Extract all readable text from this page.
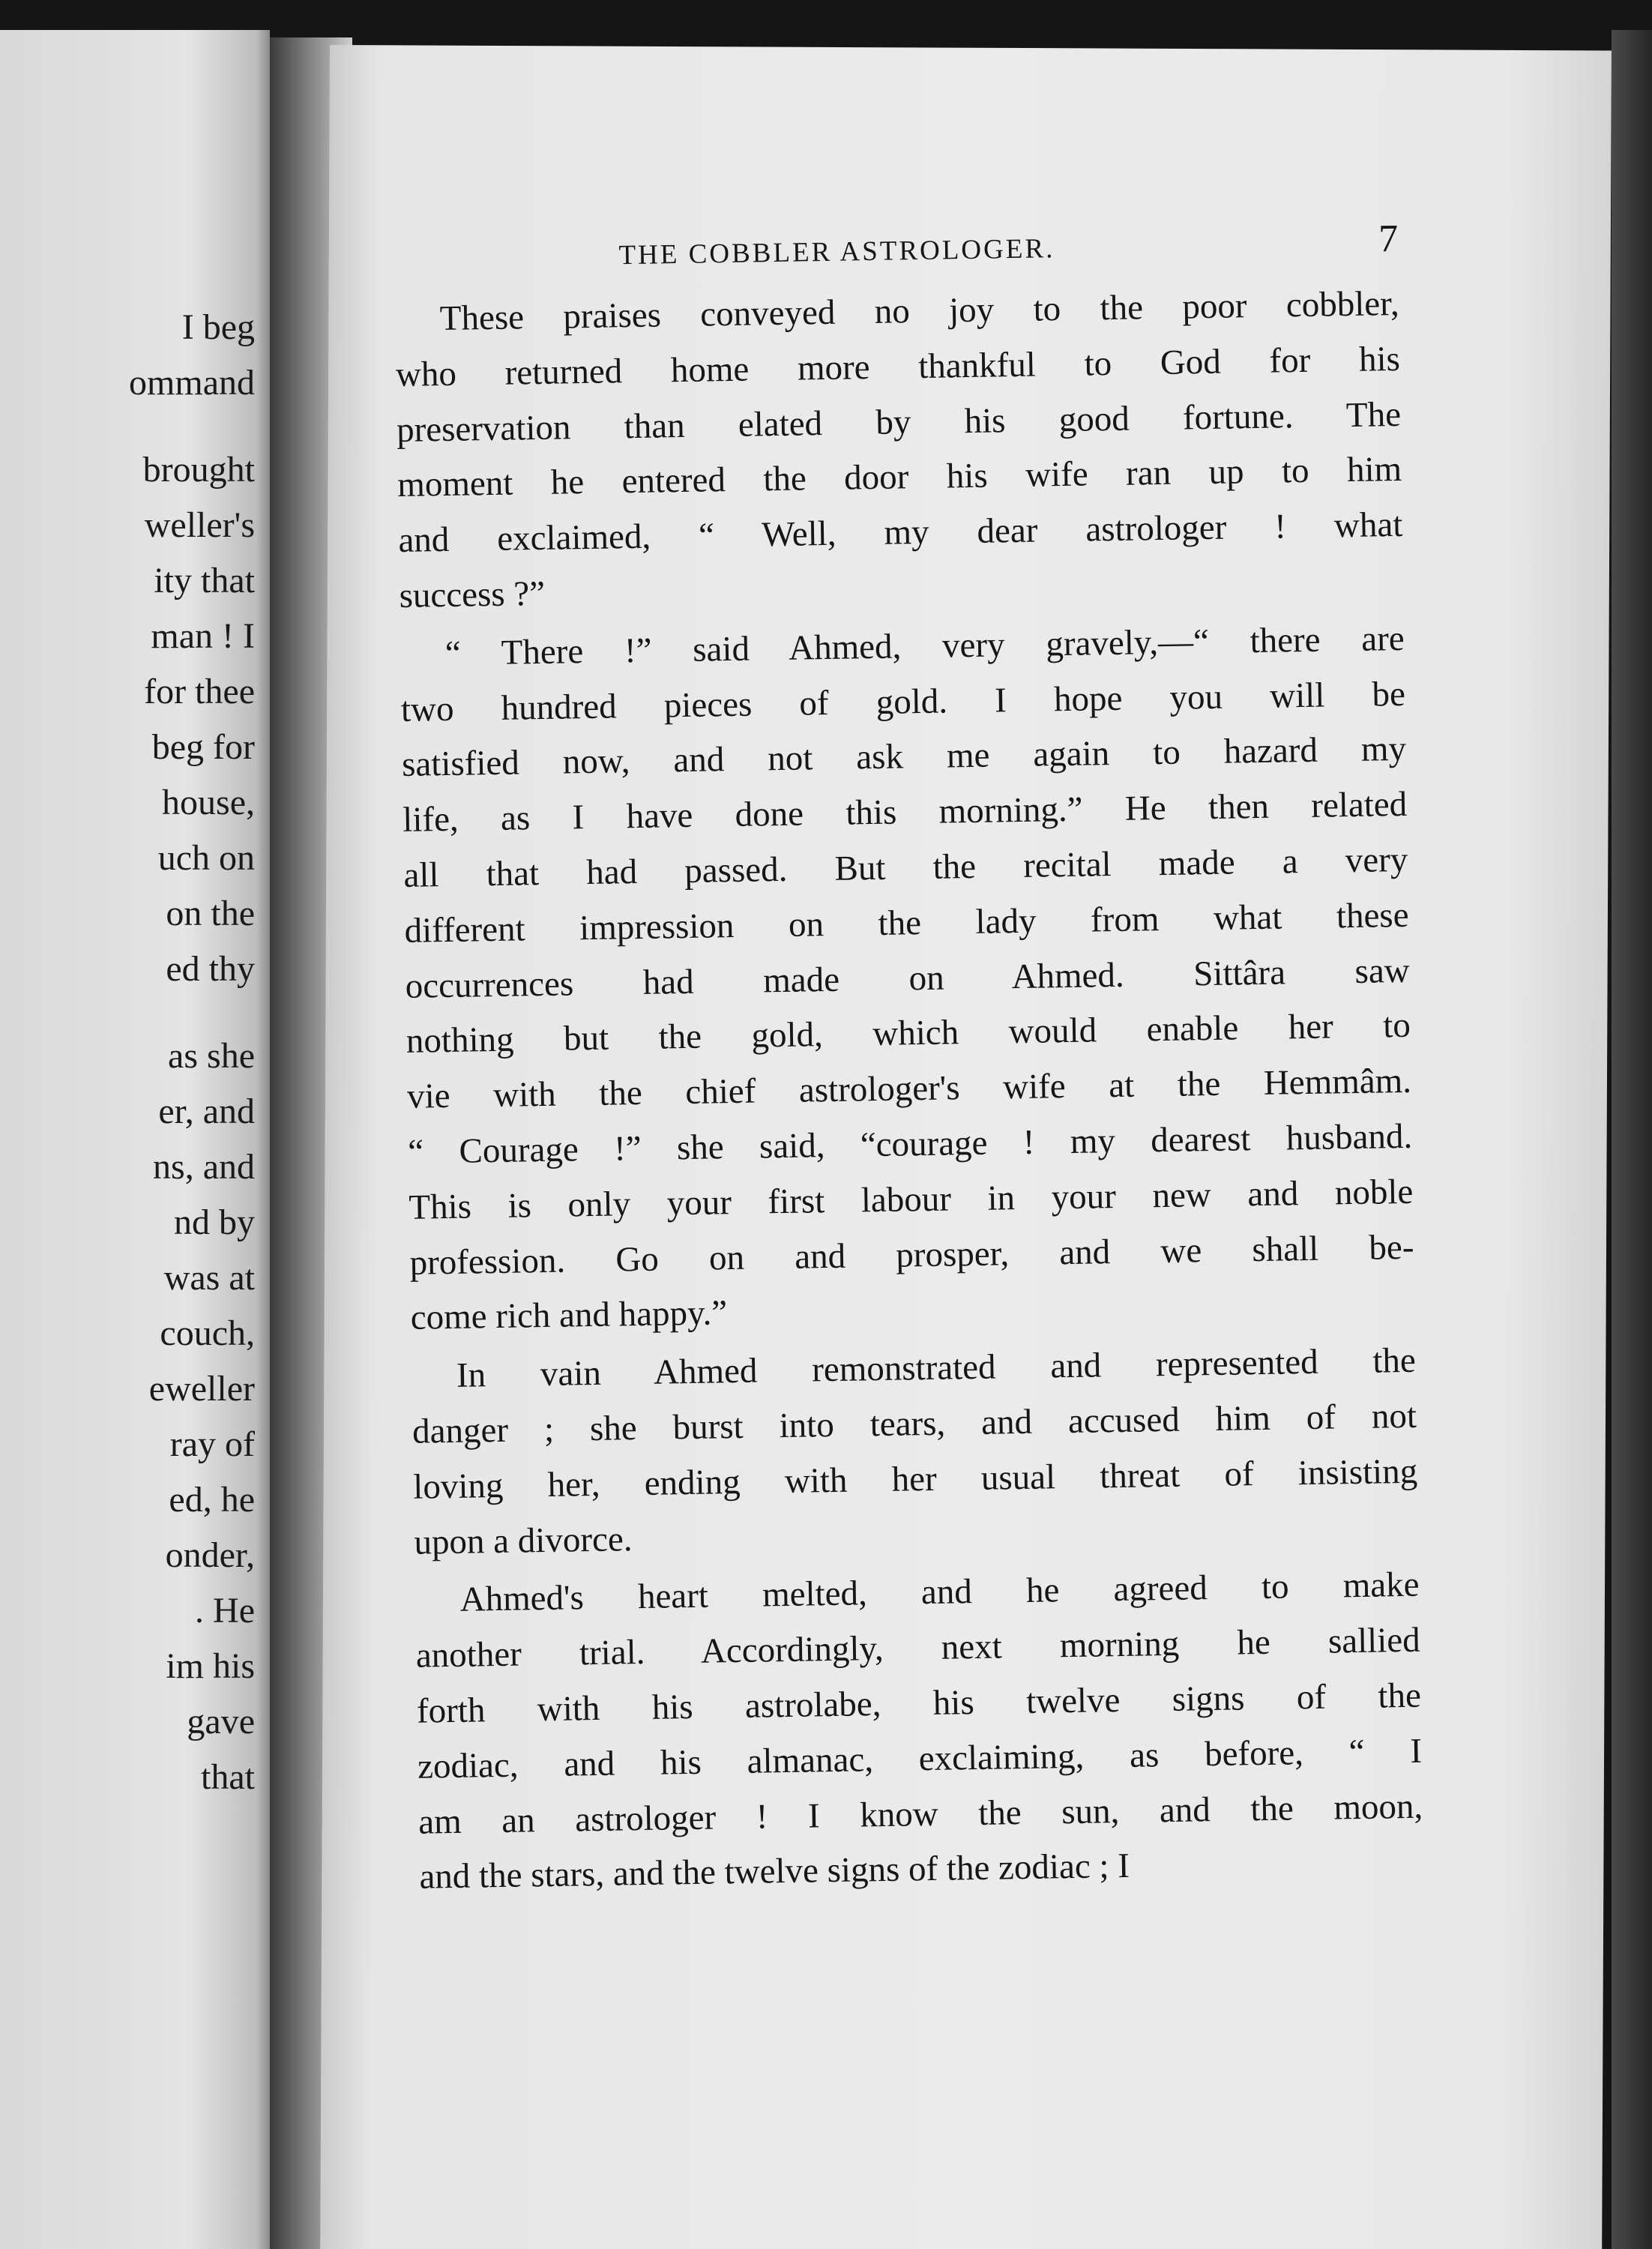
I beg
ommand
brought
weller's
ity that
man ! I
for thee
beg for
house,
uch on
on the
ed thy
as she
er, and
ns, and
nd by
was at
couch,
eweller
ray of
ed, he
onder,
. He
im his
gave
that
THE COBBLER ASTROLOGER.	7
These praises conveyed no joy to the poor cobbler,
who returned home more thankful to God for his
preservation than elated by his good fortune. The
moment he entered the door his wife ran up to him
and exclaimed, “ Well, my dear astrologer ! what
success ?”
“ There !” said Ahmed, very gravely,—“ there are
two hundred pieces of gold. I hope you will be
satisfied now, and not ask me again to hazard my
life, as I have done this morning.” He then related
all that had passed. But the recital made a very
different impression on the lady from what these
occurrences had made on Ahmed. Sittâra saw
nothing but the gold, which would enable her to
vie with the chief astrologer's wife at the Hemmâm.
“ Courage !” she said, “courage ! my dearest husband.
This is only your first labour in your new and noble
profession. Go on and prosper, and we shall be-
come rich and happy.”
In vain Ahmed remonstrated and represented the
danger ; she burst into tears, and accused him of not
loving her, ending with her usual threat of insisting
upon a divorce.
Ahmed's heart melted, and he agreed to make
another trial. Accordingly, next morning he sallied
forth with his astrolabe, his twelve signs of the
zodiac, and his almanac, exclaiming, as before, “ I
am an astrologer ! I know the sun, and the moon,
and the stars, and the twelve signs of the zodiac ; I
